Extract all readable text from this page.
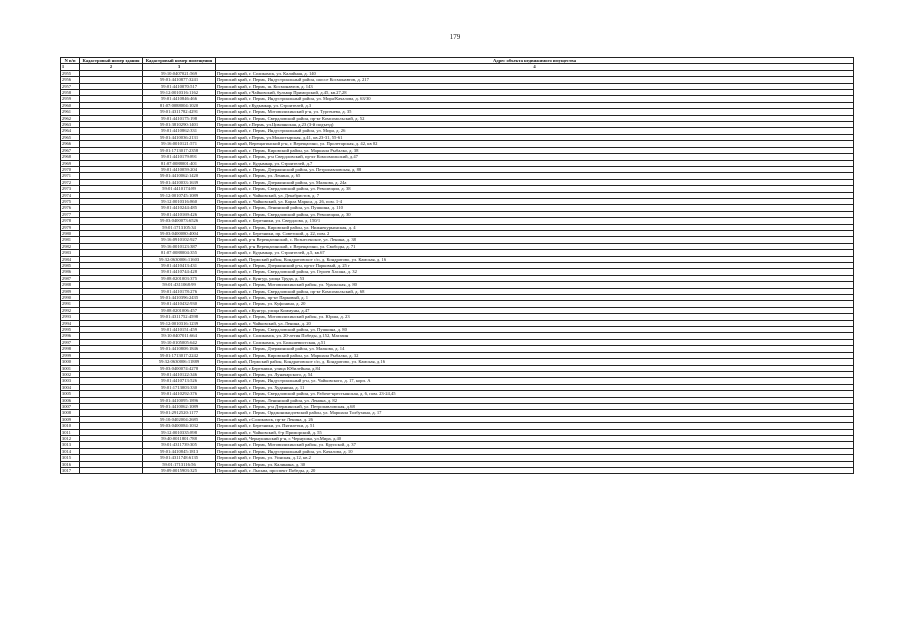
179
N п/п	Кадастровый номер здания	Кадастровый номер помещения	Адрес объекта недвижимого имущества
1	2	3	4
2955		59:10:0407021:569	Пермский край, г. Соликамск, ул. Калийная, д. 140
2956		59:01:4410877:3241	Пермский край, г. Пермь, Индустриальный район, шоссе Космонавтов, д. 217
2957		59:01:4410070:517	Пермский край, г. Пермь, ш. Космонавтов, д. 143
2958		59:12:0010316:1162	Пермский край, г.Чайковский, бульвар Приморский, д.45, кв.27,28
2959		59:01:4410846:466	Пермский край, г. Пермь, Индустриальный район, ул. Мира/Качалова, д. 63/30
2960		81:07:0088004:1020	Пермский край, г.Кудымкар, ул. Строителей, д.3
2961		59:01:4311782:4291	Пермский край, г. Пермь, Мотовилихинский р-н, ул. Тургенева, д. 35
2962		59:01:4410175:198	Пермский край, г. Пермь, Свердловский район, пр-кт Комсомольский, д. 52
2963		59:01:3810290:1401	Пермский край, г.Пермь, ул.Цимлянская, д.23 (3-й подъезд)
2964		59:01:4410862:331	Пермский край, г. Пермь, Индустриальный район, ул. Мира, д. 26
2965		59:01:4410036:2131	Пермский край, г.Пермь, ул.Монастырская, д.41, кв.23-31, 55-61
2966		59:16:0010121:571	Пермский край, Верещагинский р-н, г. Верещагино, ул. Пролетарская, д. 42, кв 02
2967		59:01:1713017:2358	Пермский край, г. Пермь, Кировский район, ул. Маршала Рыбалко, д. 38
2968		59:01:4410179:891	Пермский край, г. Пермь, р-н Свердловский, пр-кт Комсомольский, д.47
2969		81:07:0088001:401	Пермский край, г. Кудымкар, ул. Строителей, д.7
2970		59:01:4410059:204	Пермский край, г. Пермь, Дзержинский район, ул. Петропавловская, д. 88
2971		59:01:4410062:1420	Пермский край, г. Пермь, ул. Ленина, д. 65
2972		59:01:4410033:1639	Пермский край, г. Пермь, Дзержинский район, ул. Малкова, д. 24а
2973		59:01:4410174:89	Пермский край, г. Пермь, Свердловский район, ул. Революции, д. 38
2974		59:12:0010745:1089	Пермский край, г. Чайковский, ул. Декабристов, д. 7
2975		59:12:0010316:860	Пермский край, г. Чайковский, ул. Карла Маркса, д. 26, пом. 1-4
2976		59:01:4410244:485	Пермский край, г. Пермь, Ленинский район, ул. Пушкина, д. 110
2977		59:01:4410169:426	Пермский край, г. Пермь, Свердловский район, ул. Революции, д. 30
2978		59:03:0400073:6526	Пермский край, г. Березники, ул. Свердлова, д. 150/1
2979		59:01:1713105:34	Пермский край, г. Пермь, Кировский район, ул. Нижнекурьинская, д. 4
2980		59:03:0400080:4004	Пермский край, г. Березники, пр. Советский, д. 22, пом. 2
2981		59:16:0910102:927	Пермский край, р-н Верещагинский, с. Вознесенское, ул. Ленина, д. 38
2982		59:16:0010123:387	Пермский край, р-н Верещагинский, г. Верещагино, ул. Свободы, д. 71
2983		81:07:0088004:355	Пермский край, г. Кудымкар, ул. Строителей, д.5, кв.67
2984		59:32:0630006:11603	Пермский край, Пермский район, Кондратовское с/п, д. Кондратово, ул. Камская, д. 16
2985		59:01:4410413:431	Пермский край, г. Пермь, Дзержинский р-н, пр-кт Парковый, д. 25 г
2986		59:01:4410744:428	Пермский край, г. Пермь, Свердловский район, ул. Героев Хасана, д. 32
2987		59:08:0201003:375	Пермский край, г. Кунгур, улица Труда, д. 53
2988		59:01:4311068:99	Пермский край, г. Пермь, Мотовилихинский район, ул. Уральская, д. 80
2989		59:01:4410178:276	Пермский край, г. Пермь, Свердловский район, пр-кт Комсомольский, д. 68
2990		59:01:4410396:2435	Пермский край, г. Пермь, пр-кт Парковый, д. 1
2991		59:01:4410432:930	Пермский край, г. Пермь, ул. Куфонина, д. 20
2992		59:08:0201006:457	Пермский край, г.Кунгур, улица Коммуны, д.47
2993		59:01:4311752:4598	Пермский край, г. Пермь, Мотовилихинский район, ул. Юрша, д. 23
2994		59:12:0010316:1239	Пермский край, г. Чайковский, ул. Ленина, д. 20
2995		59:01:4410151:459	Пермский край, г. Пермь, Свердловский район, ул. Пушкина, д. 80
2996		59:10:0407011:664	Пермский край, г. Соликамск, ул. 20-летия Победы, д.152, Магазин
2997		59:10:0105005:642	Пермский край, г. Соликамск, ул. Большевистская, д.51
2998		59:01:4410808:1846	Пермский край, г. Пермь, Дзержинский район, ул. Малкова, д. 14
2999		59:01:1713017:2242	Пермский край, г. Пермь, Кировский район, ул. Маршала Рыбалко, д. 32
3000		59:32:0630006:11889	Пермский край, Пермский район, Кондратовское с/п, д. Кондратово, ул. Камская, д.16
3001		59:03:0400074:4278	Пермский край, г.Березники, улица Юбилейная, д.84
3002		59:01:4410122:346	Пермский край, г. Пермь, ул. Луначарского, д. 54
3003		59:01:4410713:526	Пермский край, г. Пермь, Индустриальный р-н, ул. Чайковского, д. 17, корп. А
3004		59:01:1713003:330	Пермский край, г. Пермь, ул. Худанина, д. 11
3005		59:01:4410292:376	Пермский край, г. Пермь, Свердловский район, ул. Рабоче-крестьянская, д. 6, пом. 23-24,45
3006		59:01:4410095:1896	Пермский край, г. Пермь, Ленинский район, ул. Ленина, д. 82
3007		59:01:4410062:1089	Пермский край, г. Пермь, р-н Дзержинский, ул. Петропавловская, д.68
3008		59:01:2912520:1177	Пермский край, г. Пермь, Орджоникидзевский район, ул. Маршала Толбухина, д. 17
3009		59:10:0402004:2685	Пермский край, г.Соликамск, пр-кт Ленина, д. 26
3010		59:03:0400084:1032	Пермский край, г. Березники, ул. Пятилетки, д. 51
3011		59:12:0010335:898	Пермский край, г. Чайковский, б-р Приморский, д. 55
3012		59:40:0011801:788	Пермский край, Чернушинский р-н, г. Чернушка, ул.Мира, д.40
3013		59:01:4311739:305	Пермский край, г. Пермь, Мотовилихинский район, ул. Крупской, д. 37
3014		59:01:4410845:1813	Пермский край, г. Пермь, Индустриальный район, ул. Качалова, д. 10
3015		59:01:4311748:6135	Пермский край, г. Пермь, ул. Уинская, д.12, кв.2
3016		59:01:1713116:56	Пермский край, г. Пермь, ул. Калинина, д. 30
3017		59:09:0015903:325	Пермский край, г. Лысьва, проспект Победы, д. 20
